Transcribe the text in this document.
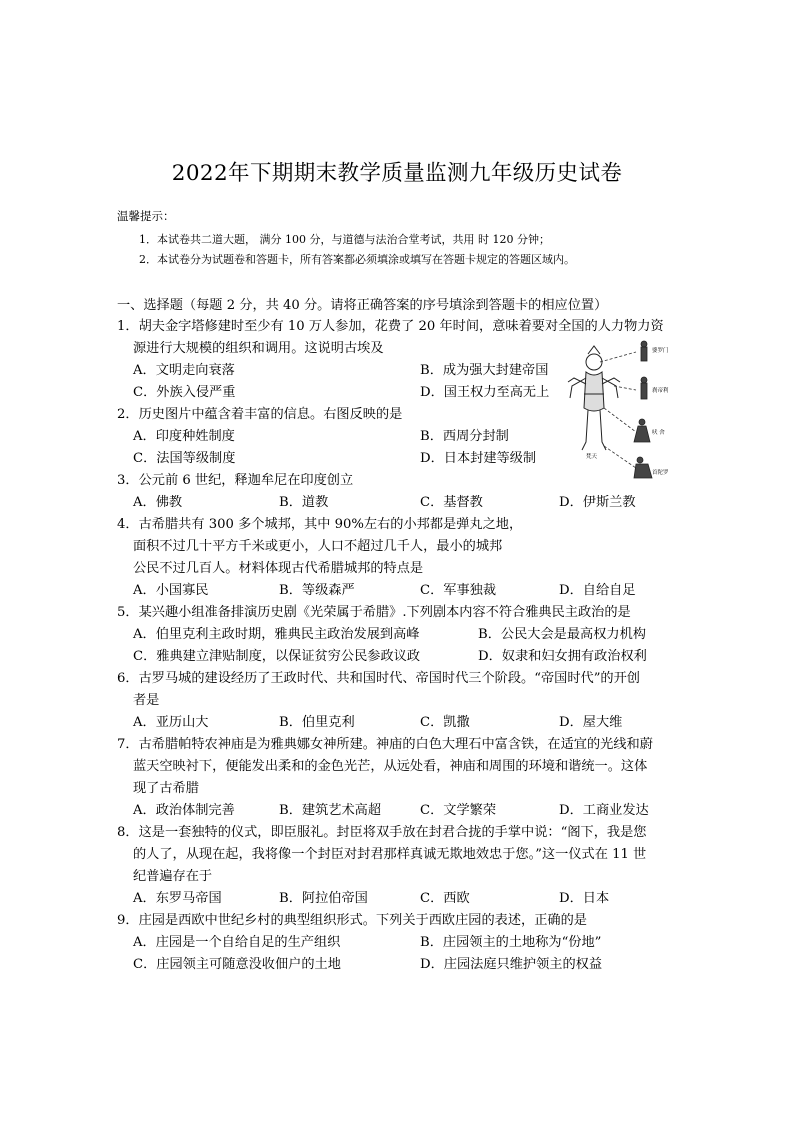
2022年下期期末教学质量监测九年级历史试卷
温馨提示：
1．本试卷共二道大题， 满分 100 分，与道德与法治合堂考试，共用 时 120 分钟；
2．本试卷分为试题卷和答题卡，所有答案都必须填涂或填写在答题卡规定的答题区域内。
一、选择题（每题 2 分，共 40 分。请将正确答案的序号填涂到答题卡的相应位置）
1．胡夫金字塔修建时至少有 10 万人参加，花费了 20 年时间，意味着要对全国的人力物力资
源进行大规模的组织和调用。这说明古埃及
A．文明走向衰落	B．成为强大封建帝国
C．外族入侵严重	D．国王权力至高无上
2．历史图片中蕴含着丰富的信息。右图反映的是
A．印度种姓制度	B．西周分封制
C．法国等级制度	D．日本封建等级制
婆罗门
刹帝利
吠 舍
首陀罗
梵天
3．公元前 6 世纪，释迦牟尼在印度创立
A．佛教	B．道教	C．基督教	D．伊斯兰教
4．古希腊共有 300 多个城邦，其中 90%左右的小邦都是弹丸之地，
面积不过几十平方千米或更小，人口不超过几千人，最小的城邦
公民不过几百人。材料体现古代希腊城邦的特点是
A．小国寡民	B．等级森严	C．军事独裁	D．自给自足
5．某兴趣小组准备排演历史剧《光荣属于希腊》.下列剧本内容不符合雅典民主政治的是
A．伯里克利主政时期，雅典民主政治发展到高峰	B．公民大会是最高权力机构
C．雅典建立津贴制度，以保证贫穷公民参政议政	D．奴隶和妇女拥有政治权利
6．古罗马城的建设经历了王政时代、共和国时代、帝国时代三个阶段。“帝国时代”的开创
者是
A．亚历山大	B．伯里克利	C．凯撒	D．屋大维
7．古希腊帕特农神庙是为雅典娜女神所建。神庙的白色大理石中富含铁，在适宜的光线和蔚
蓝天空映衬下，便能发出柔和的金色光芒，从远处看，神庙和周围的环境和谐统一。这体
现了古希腊
A．政治体制完善	B．建筑艺术高超	C．文学繁荣	D．工商业发达
8．这是一套独特的仪式，即臣服礼。封臣将双手放在封君合拢的手掌中说：“阁下，我是您
的人了，从现在起，我将像一个封臣对封君那样真诚无欺地效忠于您。”这一仪式在 11 世
纪普遍存在于
A．东罗马帝国	B．阿拉伯帝国	C．西欧	D．日本
9．庄园是西欧中世纪乡村的典型组织形式。下列关于西欧庄园的表述，正确的是
A．庄园是一个自给自足的生产组织	B．庄园领主的土地称为“份地”
C．庄园领主可随意没收佃户的土地	D．庄园法庭只维护领主的权益
